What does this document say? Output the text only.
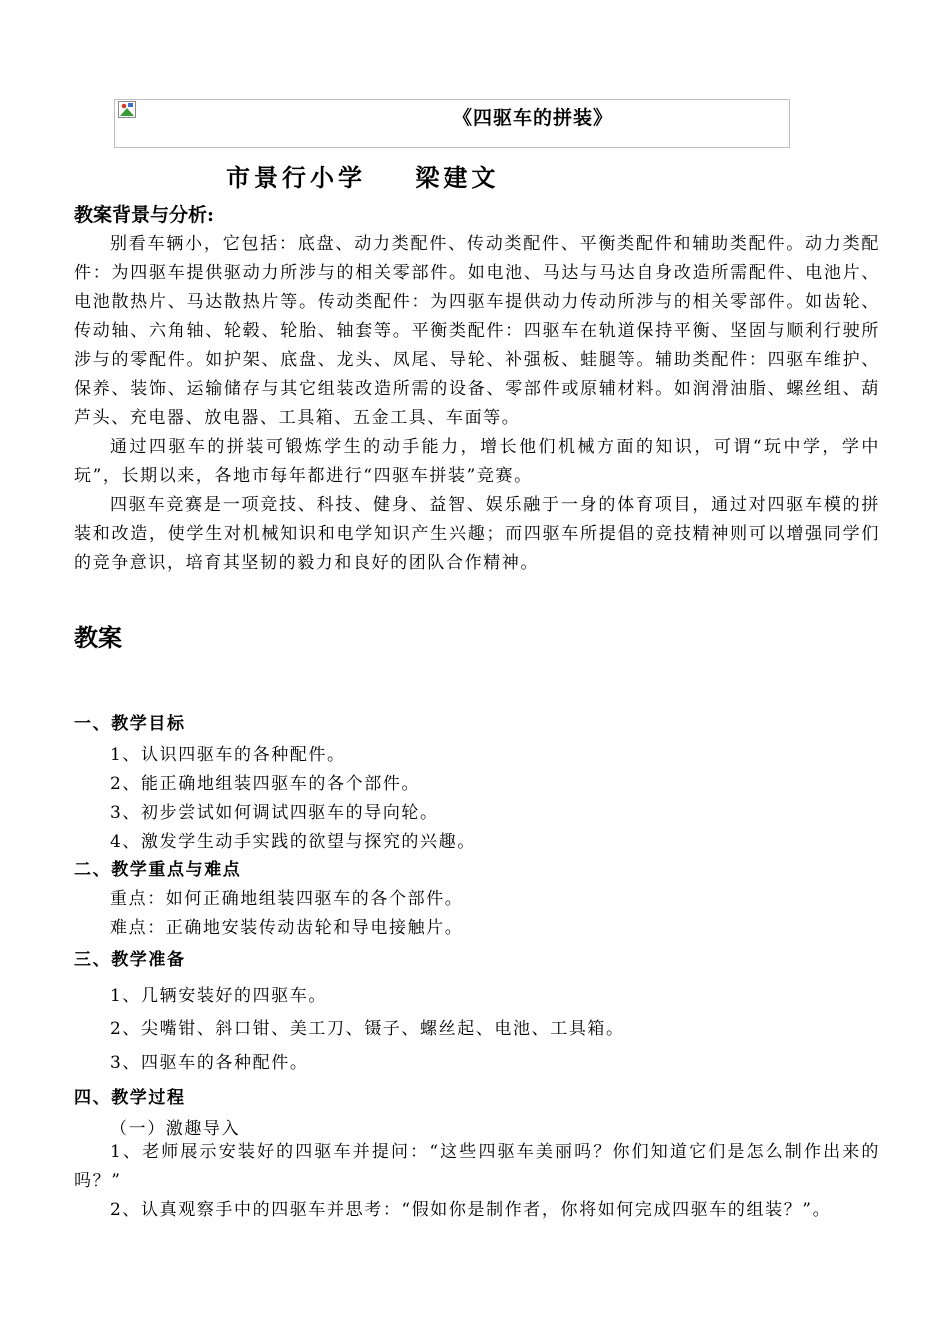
《四驱车的拼装》
市景行小学    梁建文
教案背景与分析:

别看车辆小，它包括：底盘、动力类配件、传动类配件、平衡类配件和辅助类配件。动力类配件：为四驱车提供驱动力所涉与的相关零部件。如电池、马达与马达自身改造所需配件、电池片、电池散热片、马达散热片等。传动类配件：为四驱车提供动力传动所涉与的相关零部件。如齿轮、传动轴、六角轴、轮毂、轮胎、轴套等。平衡类配件：四驱车在轨道保持平衡、坚固与顺利行驶所涉与的零配件。如护架、底盘、龙头、凤尾、导轮、补强板、蛙腿等。辅助类配件：四驱车维护、保养、装饰、运输储存与其它组装改造所需的设备、零部件或原辅材料。如润滑油脂、螺丝组、葫芦头、充电器、放电器、工具箱、五金工具、车面等。

通过四驱车的拼装可锻炼学生的动手能力，增长他们机械方面的知识，可谓“玩中学，学中玩”，长期以来，各地市每年都进行“四驱车拼装”竞赛。

四驱车竞赛是一项竞技、科技、健身、益智、娱乐融于一身的体育项目，通过对四驱车模的拼装和改造，使学生对机械知识和电学知识产生兴趣；而四驱车所提倡的竞技精神则可以增强同学们的竞争意识，培育其坚韧的毅力和良好的团队合作精神。

教案
一、教学目标
1、认识四驱车的各种配件。
2、能正确地组装四驱车的各个部件。
3、初步尝试如何调试四驱车的导向轮。
4、激发学生动手实践的欲望与探究的兴趣。
二、教学重点与难点
重点：如何正确地组装四驱车的各个部件。
难点：正确地安装传动齿轮和导电接触片。
三、教学准备
1、几辆安装好的四驱车。
2、尖嘴钳、斜口钳、美工刀、镊子、螺丝起、电池、工具箱。
3、四驱车的各种配件。
四、教学过程
（一）激趣导入

1、老师展示安装好的四驱车并提问：“这些四驱车美丽吗？你们知道它们是怎么制作出来的吗？”

2、认真观察手中的四驱车并思考：“假如你是制作者，你将如何完成四驱车的组装？”。
